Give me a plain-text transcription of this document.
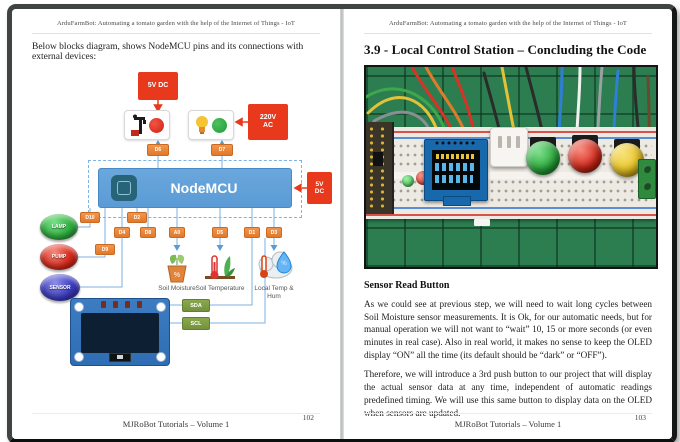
ArduFarmBot: Automating a tomato garden with the help of the Internet of Things - IoT
Below blocks diagram, shows NodeMCU pins and its connections with external devices:
5V DC
220V
AC
D6	D7
NodeMCU	5V
DC
D10	D2
D4	D8	A0	D5	D1	D3
D9
LAMP
PUMP
SENSOR
%
%
Soil Moisture Soil Temperature	Local Temp & Hum
SDA
SCL
MJRoBot Tutorials – Volume 1
102
ArduFarmBot: Automating a tomato garden with the help of the Internet of Things - IoT
3.9 - Local Control Station – Concluding the Code
Sensor Read Button
As we could see at previous step, we will need to wait long cycles between Soil Moisture sensor measurements. It is Ok, for our automatic needs, but for manual operation we will not want to “wait” 10, 15 or more seconds (or even minutes in real case). Also in real world, it makes no sense to keep the OLED display “ON” all the time (its default should be “dark” or “OFF”).
Therefore, we will introduce a 3rd push button to our project that will display the actual sensor data at any time, independent of automatic readings predefined timing. We will use this same button to display data on the OLED when sensors are updated.
MJRoBot Tutorials – Volume 1
103
